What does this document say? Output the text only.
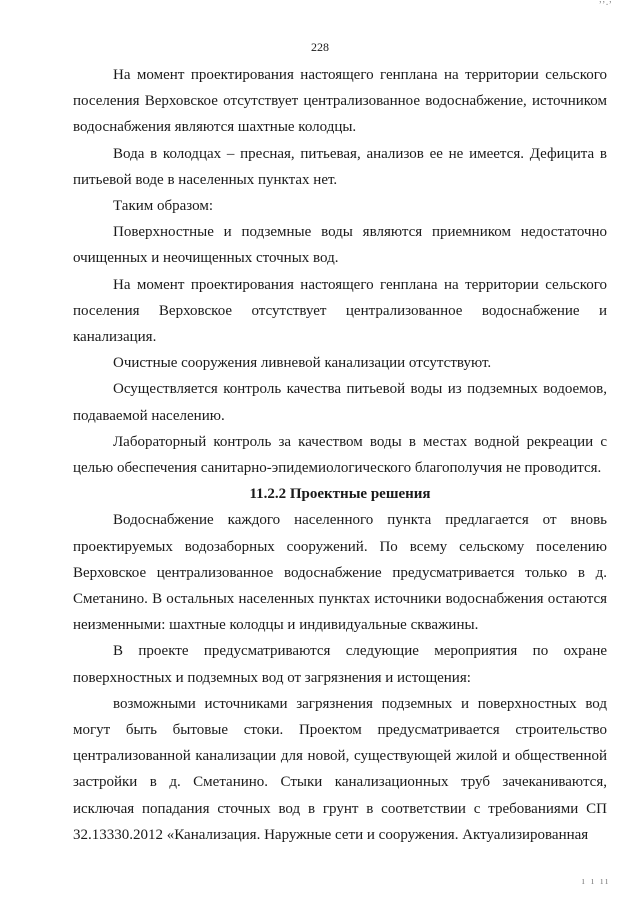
ʼʼ·ʼ
228

На момент проектирования настоящего генплана на территории сельского поселения Верховское отсутствует централизованное водоснабжение, источником водоснабжения являются шахтные колодцы.

Вода в колодцах – пресная, питьевая, анализов ее не имеется. Дефицита в питьевой воде в населенных пунктах нет.

Таким образом:

Поверхностные и подземные воды являются приемником недостаточно очищенных и неочищенных сточных вод.

На момент проектирования настоящего генплана на территории сельского поселения Верховское отсутствует централизованное водоснабжение и канализация.

Очистные сооружения ливневой канализации отсутствуют.

Осуществляется контроль качества питьевой воды из подземных водоемов, подаваемой населению.

Лабораторный контроль за качеством воды в местах водной рекреации с целью обеспечения санитарно-эпидемиологического благополучия не проводится.

11.2.2 Проектные решения

Водоснабжение каждого населенного пункта предлагается от вновь проектируемых водозаборных сооружений. По всему сельскому поселению Верховское централизованное водоснабжение предусматривается только в д. Сметанино. В остальных населенных пунктах источники водоснабжения остаются неизменными: шахтные колодцы и индивидуальные скважины.

В проекте предусматриваются следующие мероприятия по охране поверхностных и подземных вод от загрязнения и истощения:

возможными источниками загрязнения подземных и поверхностных вод могут быть бытовые стоки. Проектом предусматривается строительство централизованной канализации для новой, существующей жилой и общественной застройки в д. Сметанино. Стыки канализационных труб зачеканиваются, исключая попадания сточных вод в грунт в соответствии с требованиями СП 32.13330.2012 «Канализация. Наружные сети и сооружения. Актуализированная

ı ı ıı
